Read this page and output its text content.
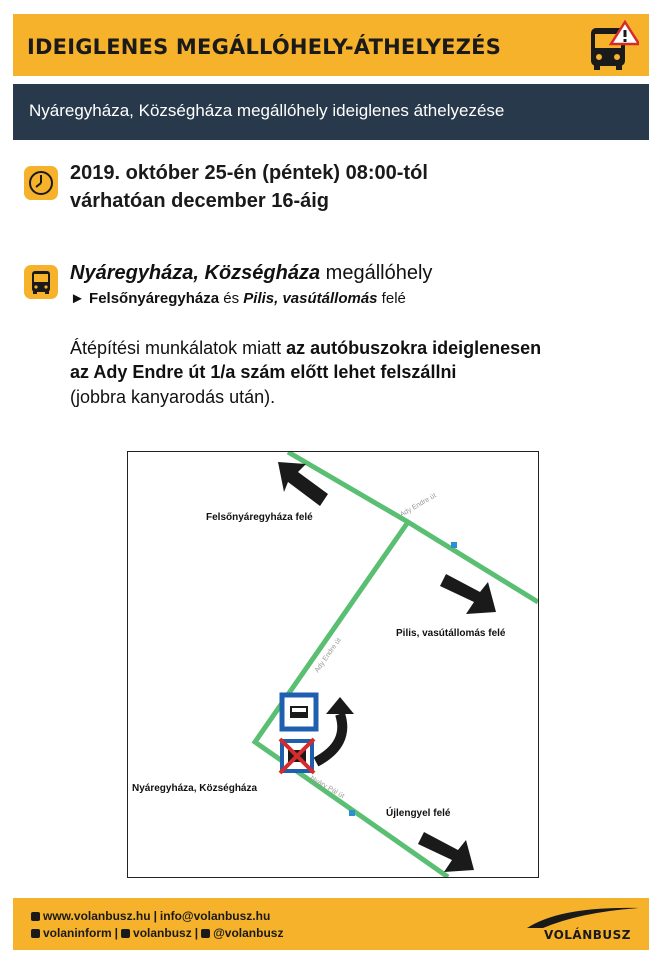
IDEIGLENES MEGÁLLÓHELY-ÁTHELYEZÉS
Nyáregyháza, Községháza megállóhely ideiglenes áthelyezése
2019. október 25-én (péntek) 08:00-tól
várhatóan december 16-áig
Nyáregyháza, Községháza megállóhely
► Felsőnyáregyháza és Pilis, vasútállomás felé
Átépítési munkálatok miatt az autóbuszokra ideiglenesen
az Ady Endre út 1/a szám előtt lehet felszállni
(jobbra kanyarodás után).
Felsőnyáregyháza felé
Pilis, vasútállomás felé
Nyáregyháza, Községháza
Újlengyel felé
Ady Endre út
Ady Endre út
Nyáry Pál út
www.volanbusz.hu | info@volanbusz.hu
volaninform | volanbusz | @volanbusz	VOLÁNBUSZ
